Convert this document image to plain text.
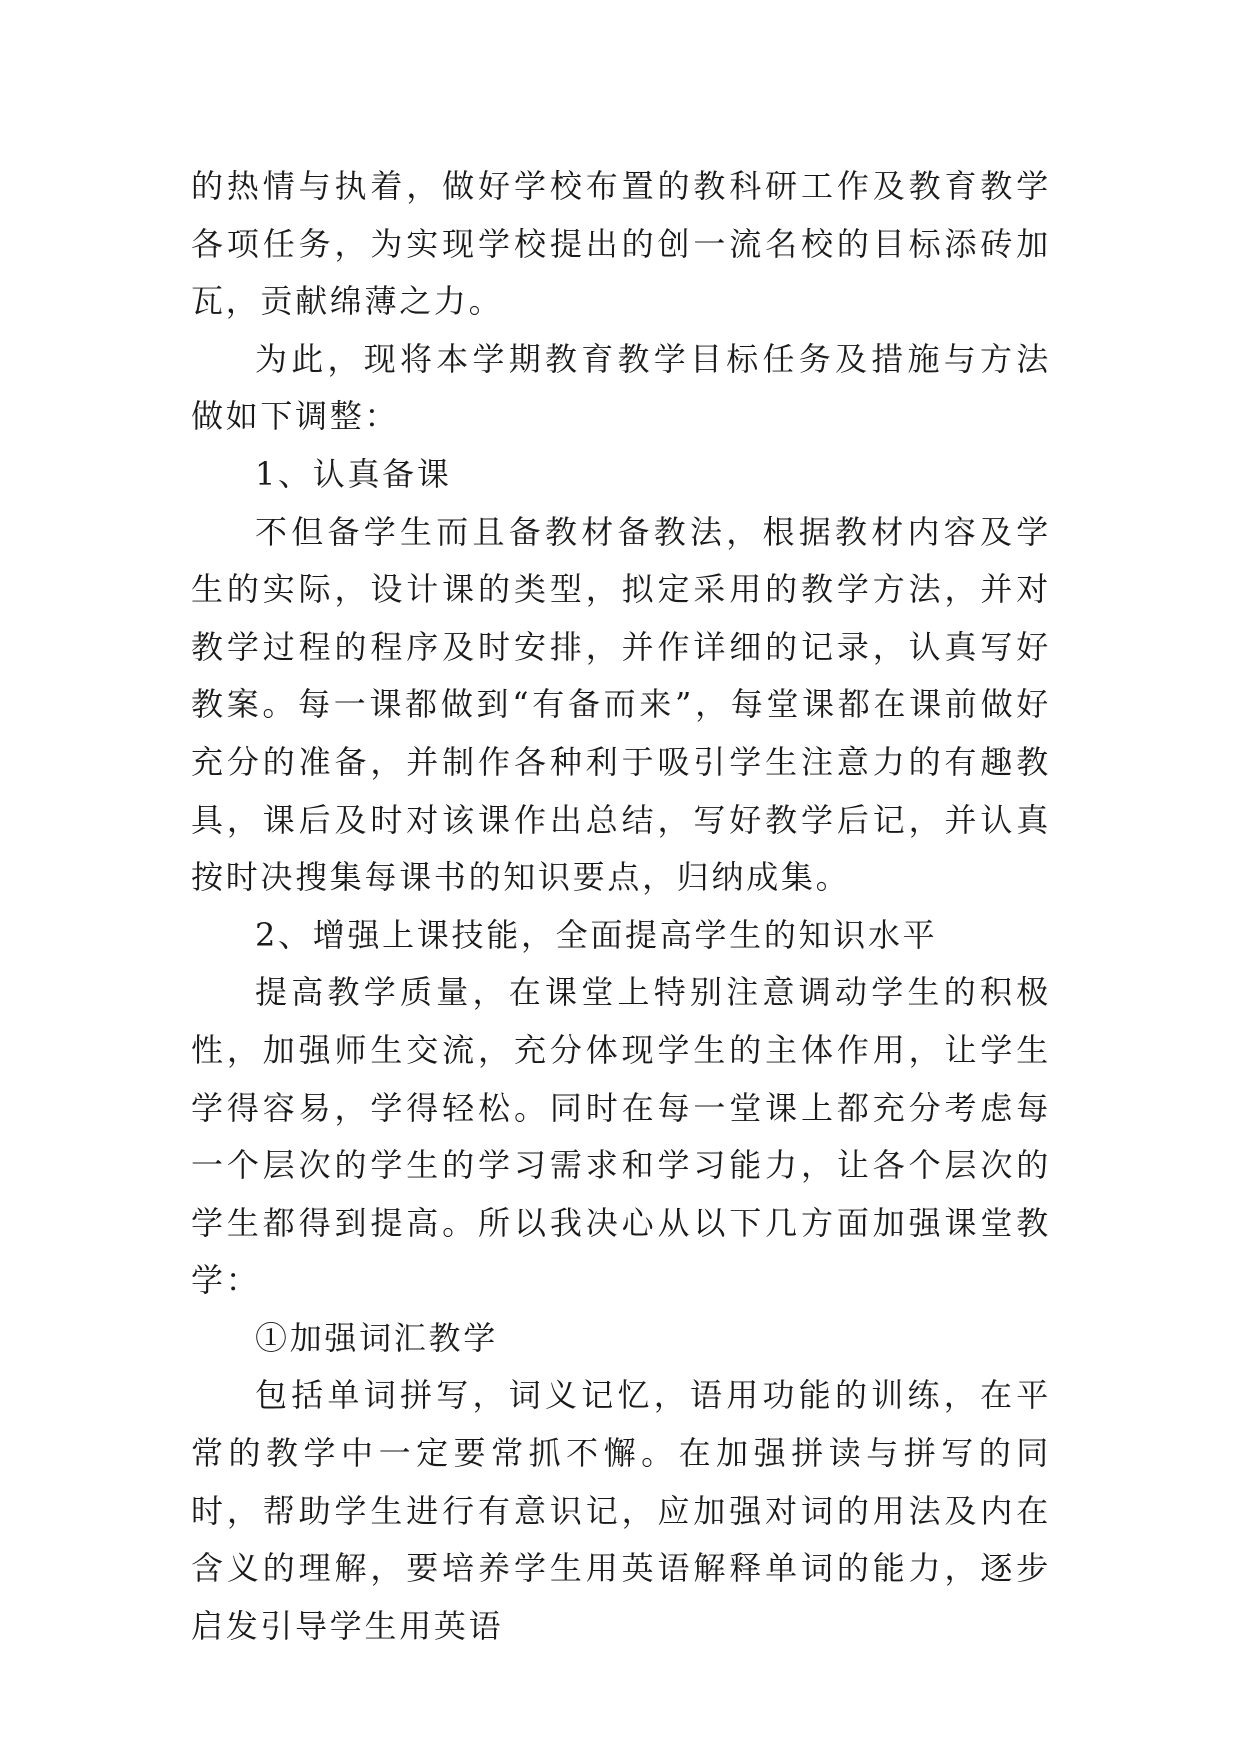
的热情与执着，做好学校布置的教科研工作及教育教学各项任务，为实现学校提出的创一流名校的目标添砖加瓦，贡献绵薄之力。

为此，现将本学期教育教学目标任务及措施与方法做如下调整：

1、认真备课

不但备学生而且备教材备教法，根据教材内容及学生的实际，设计课的类型，拟定采用的教学方法，并对教学过程的程序及时安排，并作详细的记录，认真写好教案。每一课都做到“有备而来”，每堂课都在课前做好充分的准备，并制作各种利于吸引学生注意力的有趣教具，课后及时对该课作出总结，写好教学后记，并认真按时决搜集每课书的知识要点，归纳成集。

2、增强上课技能，全面提高学生的知识水平

提高教学质量，在课堂上特别注意调动学生的积极性，加强师生交流，充分体现学生的主体作用，让学生学得容易，学得轻松。同时在每一堂课上都充分考虑每一个层次的学生的学习需求和学习能力，让各个层次的学生都得到提高。所以我决心从以下几方面加强课堂教学：

①加强词汇教学

包括单词拼写，词义记忆，语用功能的训练，在平常的教学中一定要常抓不懈。在加强拼读与拼写的同时，帮助学生进行有意识记，应加强对词的用法及内在含义的理解，要培养学生用英语解释单词的能力，逐步启发引导学生用英语
